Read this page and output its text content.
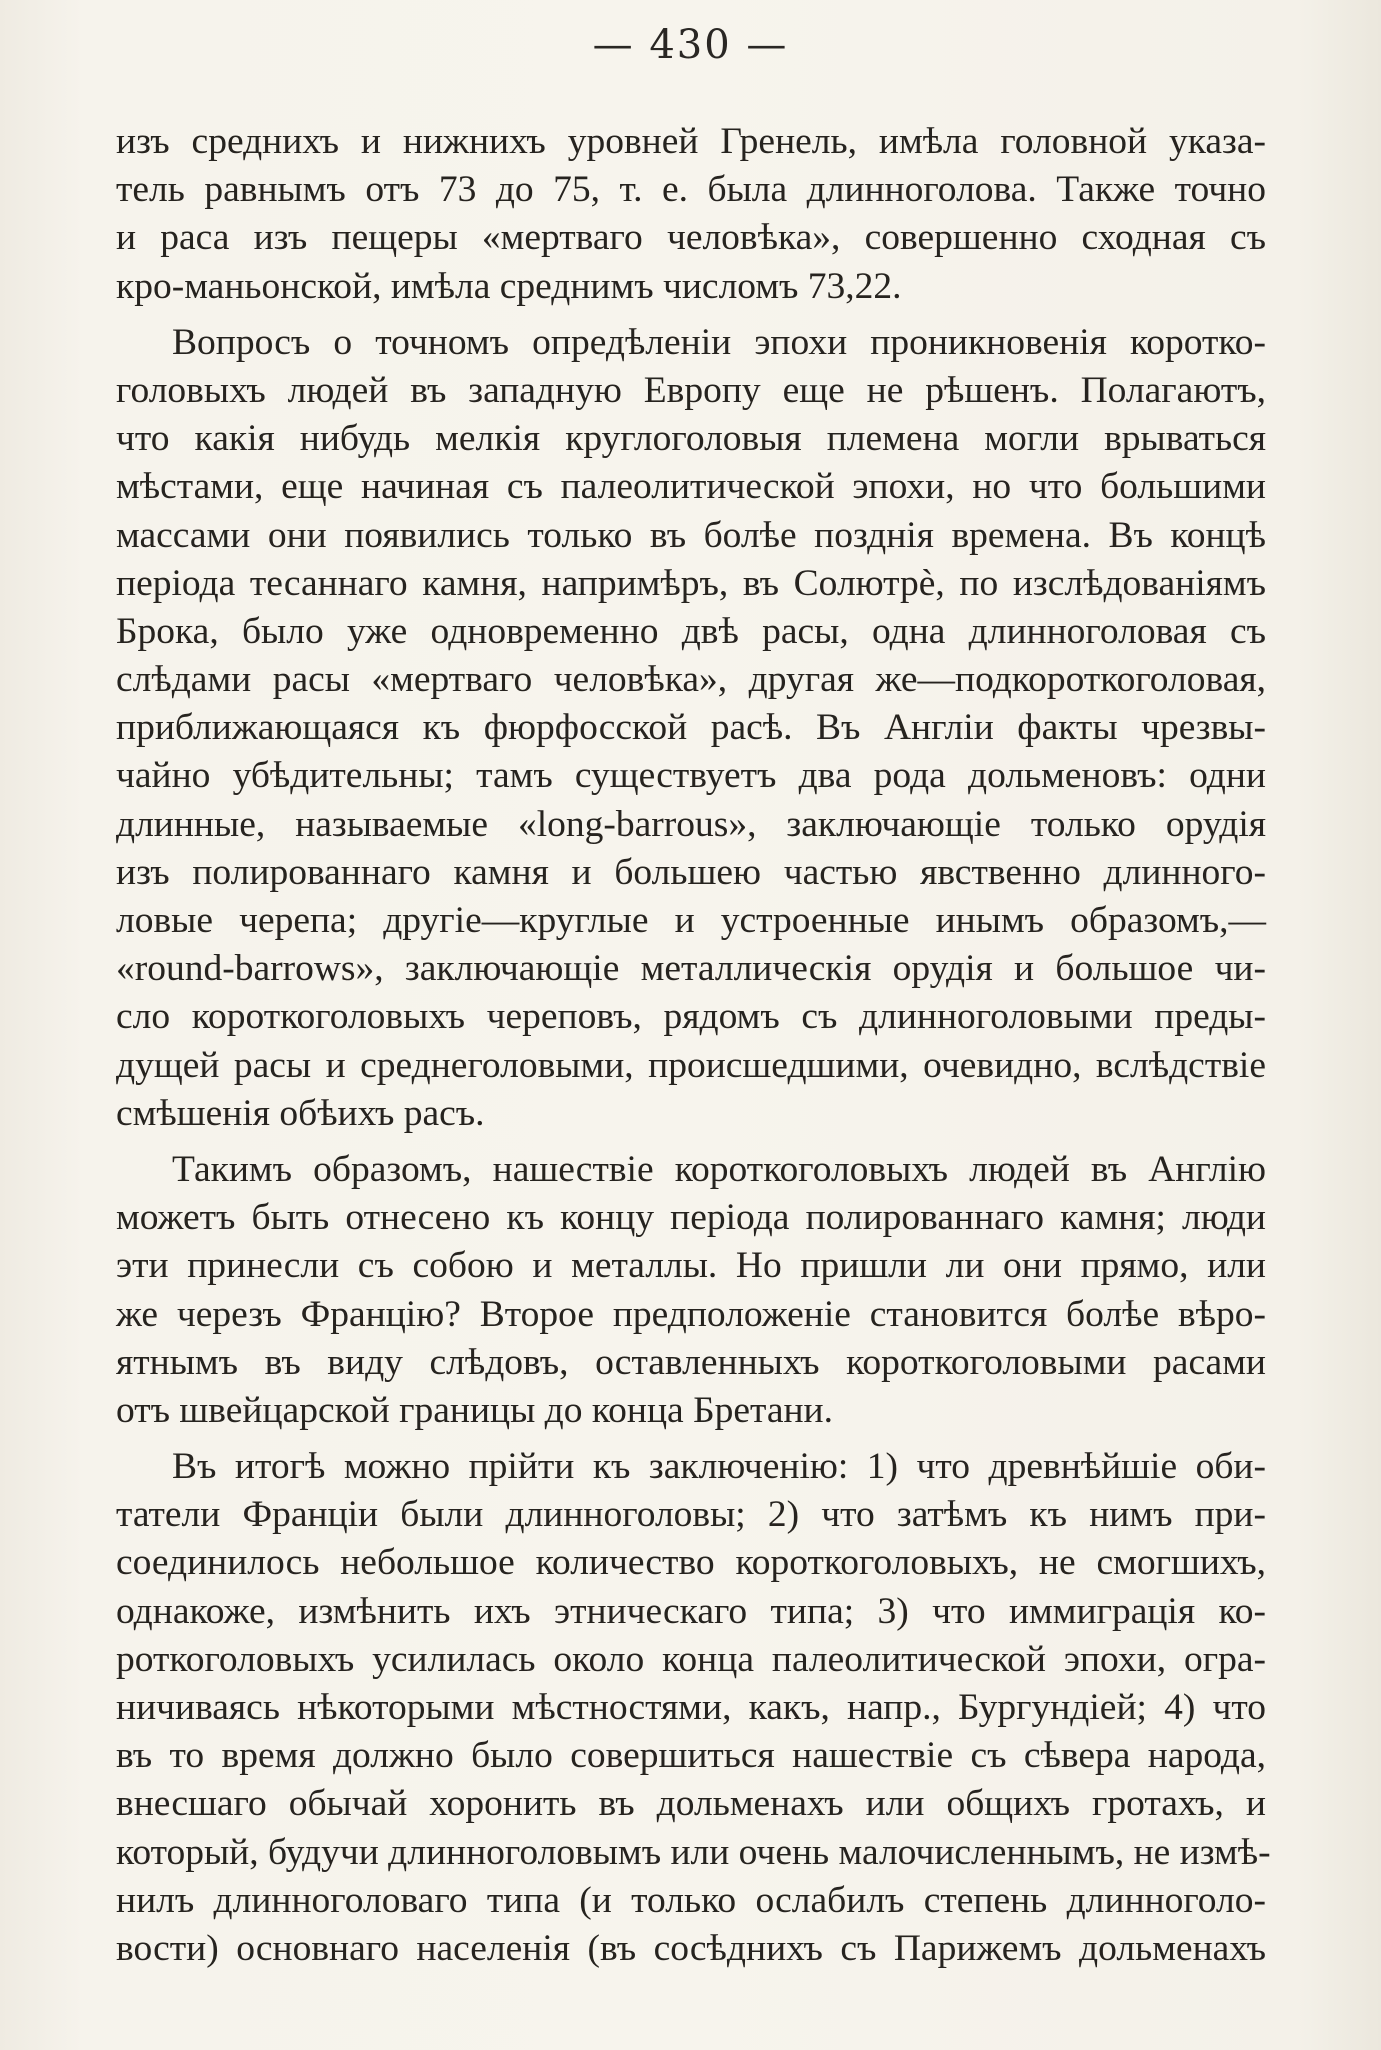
— 430 —
изъ среднихъ и нижнихъ уровней Гренель, имѣла головной указа-
тель равнымъ отъ 73 до 75, т. е. была длинноголова. Также точно
и раса изъ пещеры «мертваго человѣка», совершенно сходная съ
кро-маньонской, имѣла среднимъ числомъ 73,22.
Вопросъ о точномъ опредѣленіи эпохи проникновенія коротко-
головыхъ людей въ западную Европу еще не рѣшенъ. Полагаютъ,
что какія нибудь мелкія круглоголовыя племена могли врываться
мѣстами, еще начиная съ палеолитической эпохи, но что большими
массами они появились только въ болѣе позднія времена. Въ концѣ
періода тесаннаго камня, напримѣръ, въ Солютрѐ, по изслѣдованіямъ
Брока, было уже одновременно двѣ расы, одна длинноголовая съ
слѣдами расы «мертваго человѣка», другая же—подкороткоголовая,
приближающаяся къ фюрфосской расѣ. Въ Англіи факты чрезвы-
чайно убѣдительны; тамъ существуетъ два рода дольменовъ: одни
длинные, называемые «long-barrous», заключающіе только орудія
изъ полированнаго камня и большею частью явственно длинного-
ловые черепа; другіе—круглые и устроенные инымъ образомъ,—
«round-barrows», заключающіе металлическія орудія и большое чи-
сло короткоголовыхъ череповъ, рядомъ съ длинноголовыми преды-
дущей расы и среднеголовыми, происшедшими, очевидно, вслѣдствіе
смѣшенія обѣихъ расъ.
Такимъ образомъ, нашествіе короткоголовыхъ людей въ Англію
можетъ быть отнесено къ концу періода полированнаго камня; люди
эти принесли съ собою и металлы. Но пришли ли они прямо, или
же черезъ Францію? Второе предположеніе становится болѣе вѣро-
ятнымъ въ виду слѣдовъ, оставленныхъ короткоголовыми расами
отъ швейцарской границы до конца Бретани.
Въ итогѣ можно прійти къ заключенію: 1) что древнѣйшіе оби-
татели Франціи были длинноголовы; 2) что затѣмъ къ нимъ при-
соединилось небольшое количество короткоголовыхъ, не смогшихъ,
однакоже, измѣнить ихъ этническаго типа; 3) что иммиграція ко-
роткоголовыхъ усилилась около конца палеолитической эпохи, огра-
ничиваясь нѣкоторыми мѣстностями, какъ, напр., Бургундіей; 4) что
въ то время должно было совершиться нашествіе съ сѣвера народа,
внесшаго обычай хоронить въ дольменахъ или общихъ гротахъ, и
который, будучи длинноголовымъ или очень малочисленнымъ, не измѣ-
нилъ длинноголоваго типа (и только ослабилъ степень длинноголо-
вости) основнаго населенія (въ сосѣднихъ съ Парижемъ дольменахъ
